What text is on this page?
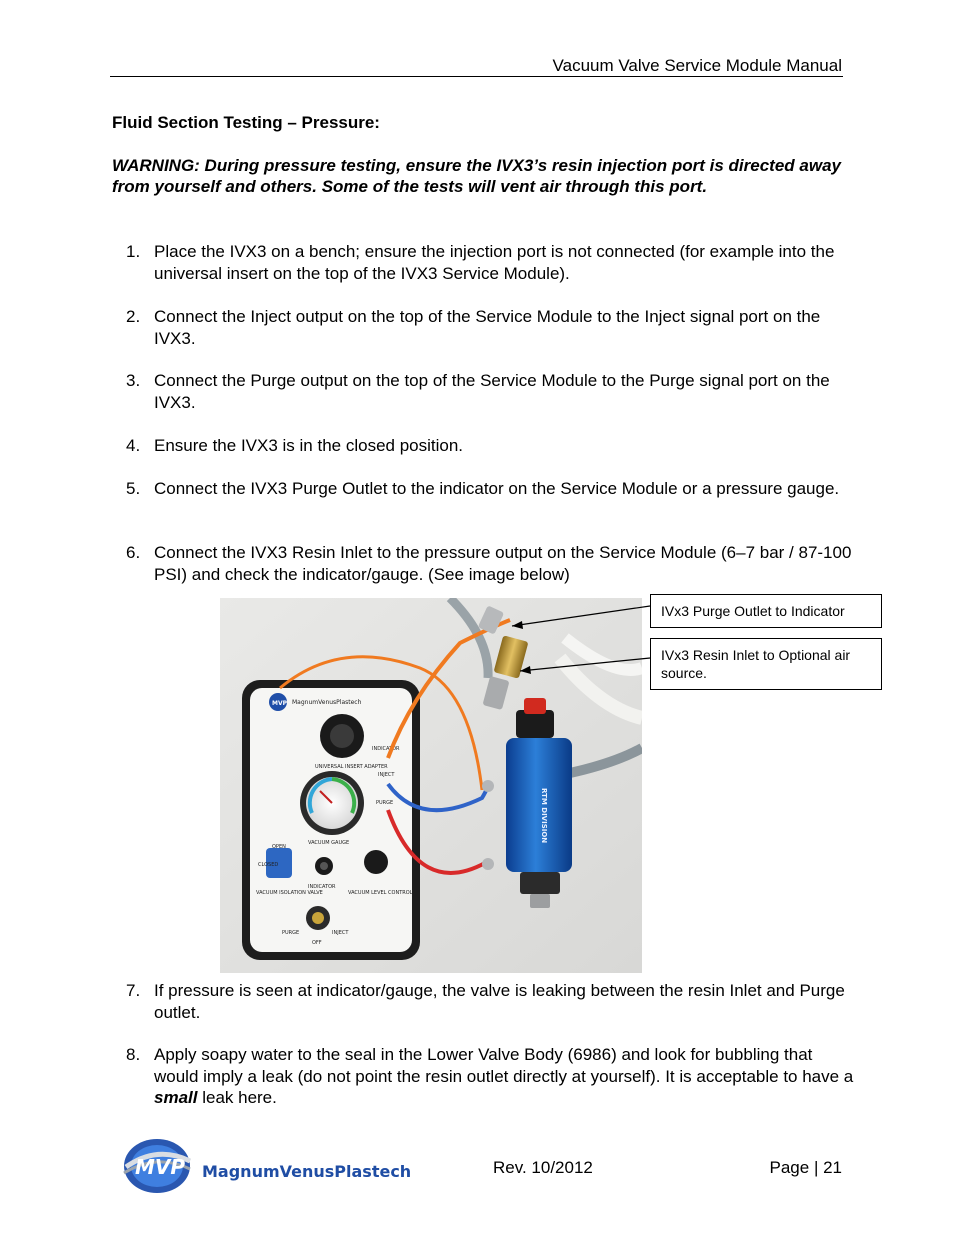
Vacuum Valve Service Module Manual
Fluid Section Testing – Pressure:
WARNING: During pressure testing, ensure the IVX3’s resin injection port is directed away from yourself and others. Some of the tests will vent air through this port.
1. Place the IVX3 on a bench; ensure the injection port is not connected (for example into the universal insert on the top of the IVX3 Service Module).
2. Connect the Inject output on the top of the Service Module to the Inject signal port on the IVX3.
3. Connect the Purge output on the top of the Service Module to the Purge signal port on the IVX3.
4. Ensure the IVX3 is in the closed position.
5. Connect the IVX3 Purge Outlet to the indicator on the Service Module or a pressure gauge.
6. Connect the IVX3 Resin Inlet to the pressure output on the Service Module (6–7 bar / 87-100 PSI) and check the indicator/gauge. (See image below)
MVP MagnumVenusPlastech
UNIVERSAL INSERT ADAPTER
VACUUM GAUGE
OPEN
CLOSED
VACUUM ISOLATION VALVE
INDICATOR
VACUUM LEVEL CONTROL
PURGE	INJECT
OFF
INDICATOR
INJECT
PURGE	RTM DIVISION
IVx3 Purge Outlet to Indicator
IVx3 Resin Inlet to Optional air source.
7. If pressure is seen at indicator/gauge, the valve is leaking between the resin Inlet and Purge outlet.
8. Apply soapy water to the seal in the Lower Valve Body (6986) and look for bubbling that would imply a leak (do not point the resin outlet directly at yourself). It is acceptable to have a small leak here.
MVP MagnumVenusPlastech	Rev. 10/2012	Page | 21
